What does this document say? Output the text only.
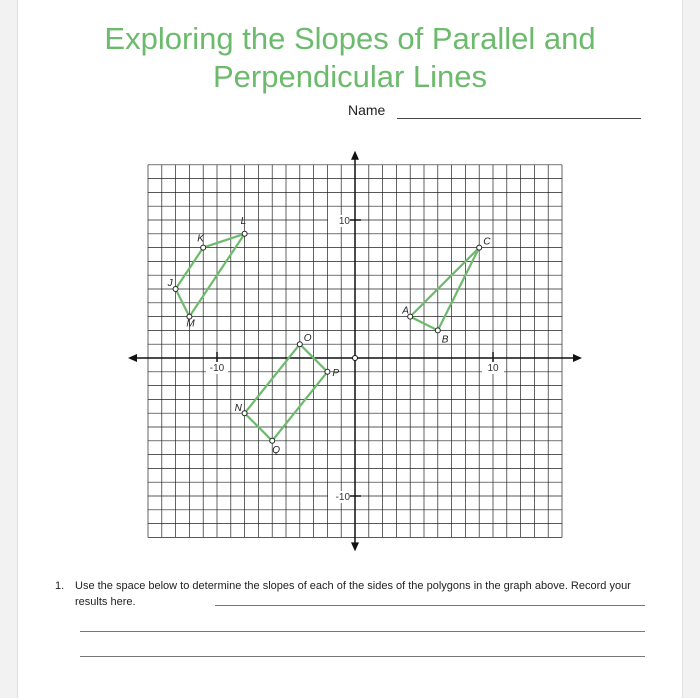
Exploring the Slopes of Parallel and
Perpendicular Lines
Name
-10	10
10
-10
A
B
C
J
K
L
M
N
O
P
Q
1. Use the space below to determine the slopes of each of the sides of the polygons in the graph above. Record your results here.
